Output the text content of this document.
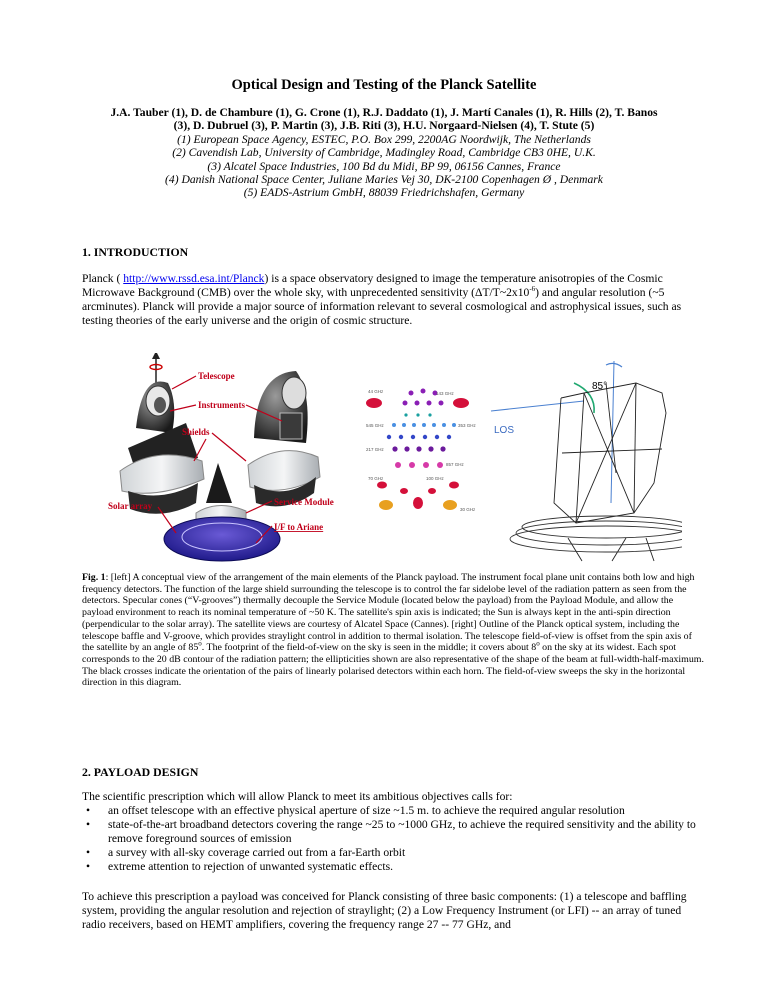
Optical Design and Testing of the Planck Satellite
J.A. Tauber (1), D. de Chambure (1), G. Crone (1), R.J. Daddato (1), J. Martí Canales (1), R. Hills (2), T. Banos
(3), D. Dubruel (3), P. Martin (3), J.B. Riti (3), H.U. Norgaard-Nielsen (4), T. Stute (5)
(1) European Space Agency, ESTEC, P.O. Box 299, 2200AG Noordwijk, The Netherlands
(2) Cavendish Lab, University of Cambridge, Madingley Road, Cambridge CB3 0HE, U.K.
(3) Alcatel Space Industries, 100 Bd du Midi, BP 99, 06156 Cannes, France
(4) Danish National Space Center, Juliane Maries Vej 30, DK-2100 Copenhagen Ø , Denmark
(5) EADS-Astrium GmbH, 88039 Friedrichshafen, Germany
1. INTRODUCTION

Planck ( http://www.rssd.esa.int/Planck) is a space observatory designed to image the temperature anisotropies of the Cosmic Microwave Background (CMB) over the whole sky, with unprecedented sensitivity $(\Delta T/T\sim 2x10^{-6})$ and angular resolution (~5 arcminutes). Planck will provide a major source of information relevant to several cosmological and astrophysical issues, such as testing theories of the early universe and the origin of cosmic structure.

Telescope
Instruments
Shields
Solar array	Service Module
I/F to Ariane
44 GHz	143 GHz
545 GHz	353 GHz
217 GHz
857 GHz
70 GHz	100 GHz
30 GHz
LOS
85°

Fig. 1: [left] A conceptual view of the arrangement of the main elements of the Planck payload. The instrument focal plane unit contains both low and high frequency detectors. The function of the large shield surrounding the telescope is to control the far sidelobe level of the radiation pattern as seen from the detectors. Specular cones (“V-grooves”) thermally decouple the Service Module (located below the payload) from the Payload Module, and allow the payload environment to reach its nominal temperature of ~50 K. The satellite's spin axis is indicated; the Sun is always kept in the anti-spin direction (perpendicular to the solar array). The satellite views are courtesy of Alcatel Space (Cannes). [right] Outline of the Planck optical system, including the telescope baffle and V-groove, which provides straylight control in addition to thermal isolation. The telescope field-of-view is offset from the spin axis of the satellite by an angle of 85$^o$. The footprint of the field-of-view on the sky is seen in the middle; it covers about 8$^o$ on the sky at its widest. Each spot corresponds to the 20 dB contour of the radiation pattern; the ellipticities shown are also representative of the shape of the beam at full-width-half-maximum. The black crosses indicate the orientation of the pairs of linearly polarised detectors within each horn. The field-of-view sweeps the sky in the horizontal direction in this diagram.

2. PAYLOAD DESIGN

The scientific prescription which will allow Planck to meet its ambitious objectives calls for:

• an offset telescope with an effective physical aperture of size ~1.5 m. to achieve the required angular resolution
• state-of-the-art broadband detectors covering the range ~25 to ~1000 GHz, to achieve the required sensitivity and the ability to remove foreground sources of emission
• a survey with all-sky coverage carried out from a far-Earth orbit
• extreme attention to rejection of unwanted systematic effects.

To achieve this prescription a payload was conceived for Planck consisting of three basic components: (1) a telescope and baffling system, providing the angular resolution and rejection of straylight; (2) a Low Frequency Instrument (or LFI) -- an array of tuned radio receivers, based on HEMT amplifiers, covering the frequency range 27 -- 77 GHz, and
